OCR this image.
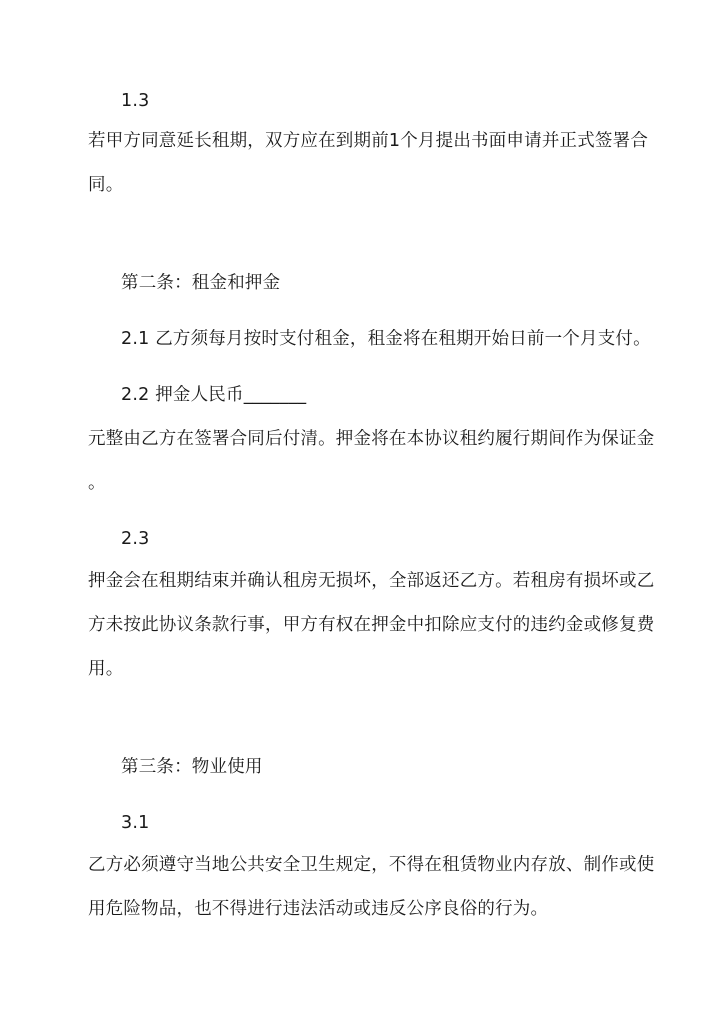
1.3
若甲方同意延长租期，双方应在到期前1个月提出书面申请并正式签署合
同。
第二条：租金和押金
2.1 乙方须每月按时支付租金，租金将在租期开始日前一个月支付。
2.2 押金人民币_______
元整由乙方在签署合同后付清。押金将在本协议租约履行期间作为保证金
。
2.3
押金会在租期结束并确认租房无损坏，全部返还乙方。若租房有损坏或乙
方未按此协议条款行事，甲方有权在押金中扣除应支付的违约金或修复费
用。
第三条：物业使用
3.1
乙方必须遵守当地公共安全卫生规定，不得在租赁物业内存放、制作或使
用危险物品，也不得进行违法活动或违反公序良俗的行为。
